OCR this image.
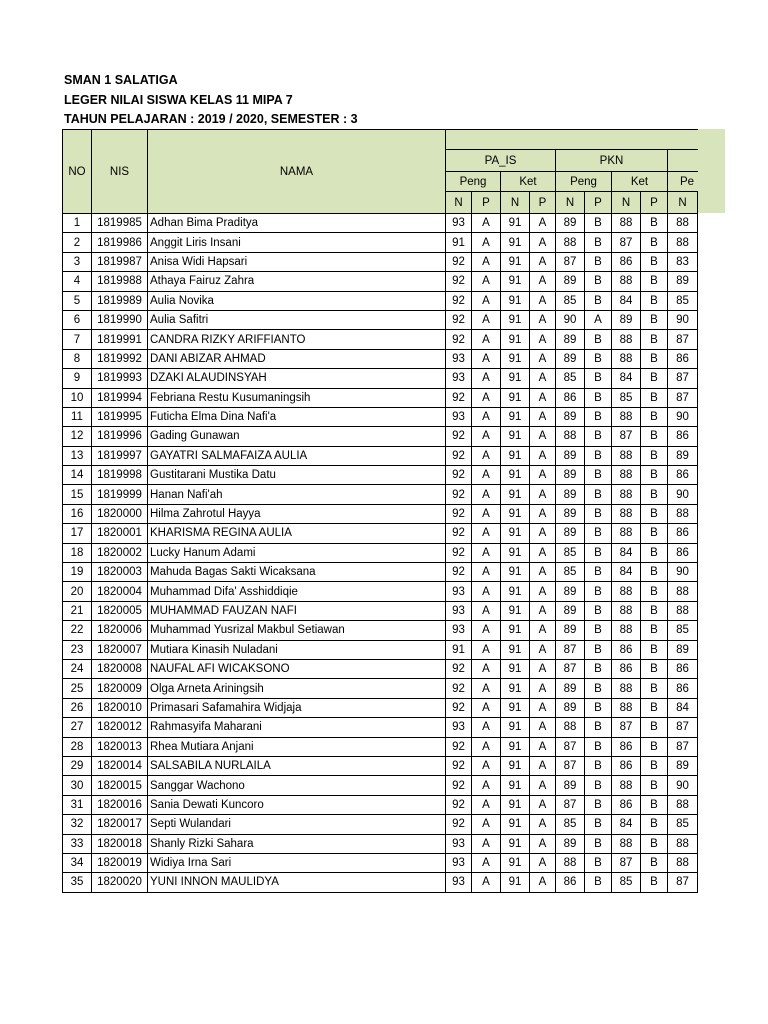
SMAN 1 SALATIGA
LEGER NILAI SISWA KELAS 11 MIPA 7
TAHUN PELAJARAN : 2019 / 2020, SEMESTER : 3
NO	NIS	NAMA									
			PA_IS				PKN				
			Peng		Ket		Peng		Ket		Pe
			N	P	N	P	N	P	N	P	N
1	1819985	Adhan Bima Praditya	93	A	91	A	89	B	88	B	88
2	1819986	Anggit Liris Insani	91	A	91	A	88	B	87	B	88
3	1819987	Anisa Widi Hapsari	92	A	91	A	87	B	86	B	83
4	1819988	Athaya Fairuz Zahra	92	A	91	A	89	B	88	B	89
5	1819989	Aulia Novika	92	A	91	A	85	B	84	B	85
6	1819990	Aulia Safitri	92	A	91	A	90	A	89	B	90
7	1819991	CANDRA RIZKY ARIFFIANTO	92	A	91	A	89	B	88	B	87
8	1819992	DANI ABIZAR AHMAD	93	A	91	A	89	B	88	B	86
9	1819993	DZAKI ALAUDINSYAH	93	A	91	A	85	B	84	B	87
10	1819994	Febriana Restu Kusumaningsih	92	A	91	A	86	B	85	B	87
11	1819995	Futicha Elma Dina Nafi'a	93	A	91	A	89	B	88	B	90
12	1819996	Gading Gunawan	92	A	91	A	88	B	87	B	86
13	1819997	GAYATRI SALMAFAIZA AULIA	92	A	91	A	89	B	88	B	89
14	1819998	Gustitarani Mustika Datu	92	A	91	A	89	B	88	B	86
15	1819999	Hanan Nafi'ah	92	A	91	A	89	B	88	B	90
16	1820000	Hilma Zahrotul Hayya	92	A	91	A	89	B	88	B	88
17	1820001	KHARISMA REGINA AULIA	92	A	91	A	89	B	88	B	86
18	1820002	Lucky Hanum Adami	92	A	91	A	85	B	84	B	86
19	1820003	Mahuda Bagas Sakti Wicaksana	92	A	91	A	85	B	84	B	90
20	1820004	Muhammad Difa' Asshiddiqie	93	A	91	A	89	B	88	B	88
21	1820005	MUHAMMAD FAUZAN NAFI	93	A	91	A	89	B	88	B	88
22	1820006	Muhammad Yusrizal Makbul Setiawan	93	A	91	A	89	B	88	B	85
23	1820007	Mutiara Kinasih Nuladani	91	A	91	A	87	B	86	B	89
24	1820008	NAUFAL AFI WICAKSONO	92	A	91	A	87	B	86	B	86
25	1820009	Olga Arneta Ariningsih	92	A	91	A	89	B	88	B	86
26	1820010	Primasari Safamahira Widjaja	92	A	91	A	89	B	88	B	84
27	1820012	Rahmasyifa Maharani	93	A	91	A	88	B	87	B	87
28	1820013	Rhea Mutiara Anjani	92	A	91	A	87	B	86	B	87
29	1820014	SALSABILA NURLAILA	92	A	91	A	87	B	86	B	89
30	1820015	Sanggar Wachono	92	A	91	A	89	B	88	B	90
31	1820016	Sania Dewati Kuncoro	92	A	91	A	87	B	86	B	88
32	1820017	Septi Wulandari	92	A	91	A	85	B	84	B	85
33	1820018	Shanly Rizki Sahara	93	A	91	A	89	B	88	B	88
34	1820019	Widiya Irna Sari	93	A	91	A	88	B	87	B	88
35	1820020	YUNI INNON MAULIDYA	93	A	91	A	86	B	85	B	87
